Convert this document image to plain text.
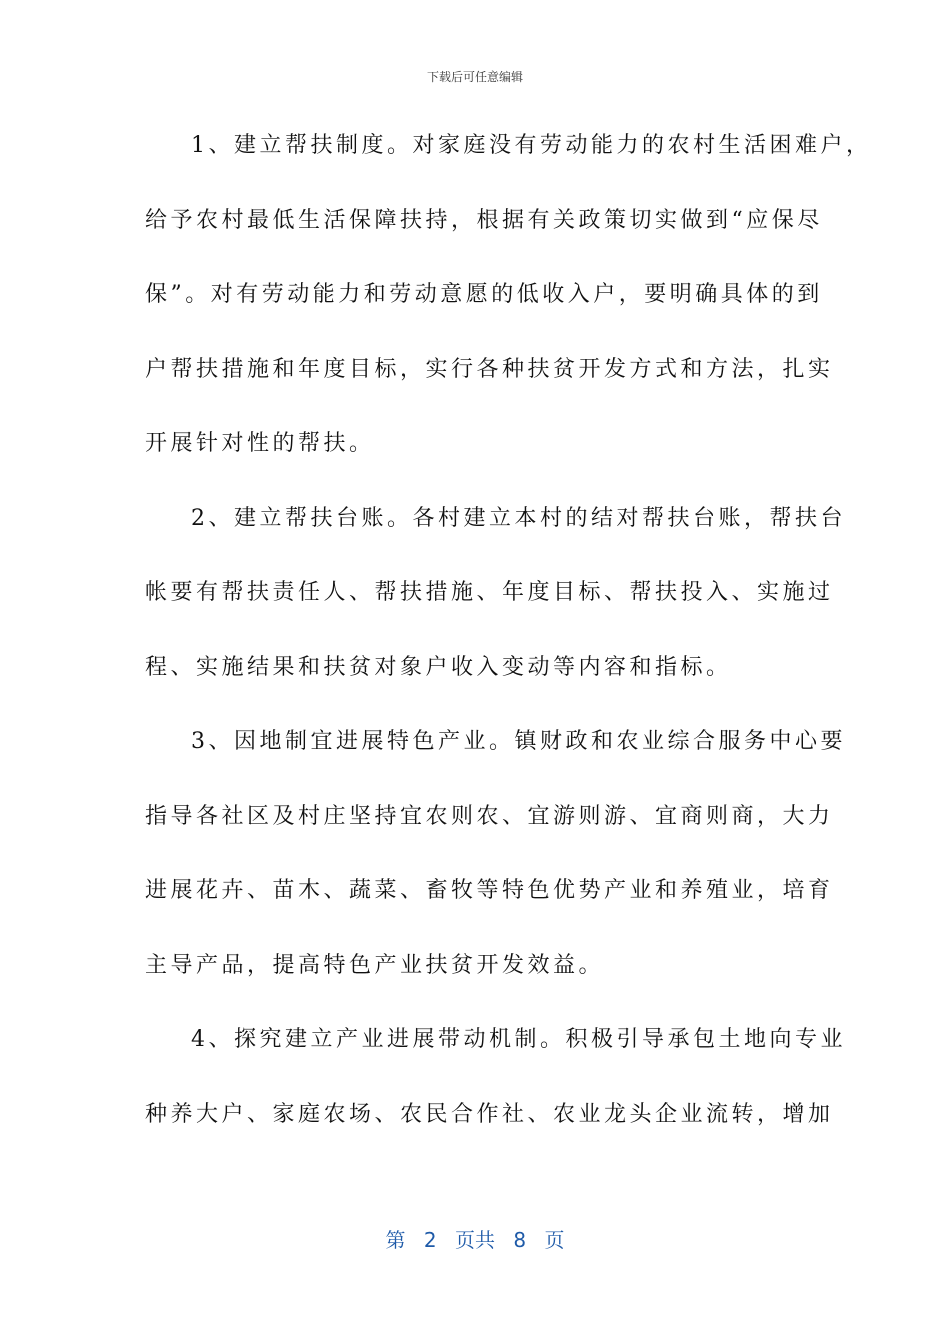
下载后可任意编辑
1、建立帮扶制度。对家庭没有劳动能力的农村生活困难户，
给予农村最低生活保障扶持，根据有关政策切实做到“应保尽
保”。对有劳动能力和劳动意愿的低收入户，要明确具体的到
户帮扶措施和年度目标，实行各种扶贫开发方式和方法，扎实
开展针对性的帮扶。
2、建立帮扶台账。各村建立本村的结对帮扶台账，帮扶台
帐要有帮扶责任人、帮扶措施、年度目标、帮扶投入、实施过
程、实施结果和扶贫对象户收入变动等内容和指标。
3、因地制宜进展特色产业。镇财政和农业综合服务中心要
指导各社区及村庄坚持宜农则农、宜游则游、宜商则商，大力
进展花卉、苗木、蔬菜、畜牧等特色优势产业和养殖业，培育
主导产品，提高特色产业扶贫开发效益。
4、探究建立产业进展带动机制。积极引导承包土地向专业
种养大户、家庭农场、农民合作社、农业龙头企业流转，增加
第 2 页共 8 页
